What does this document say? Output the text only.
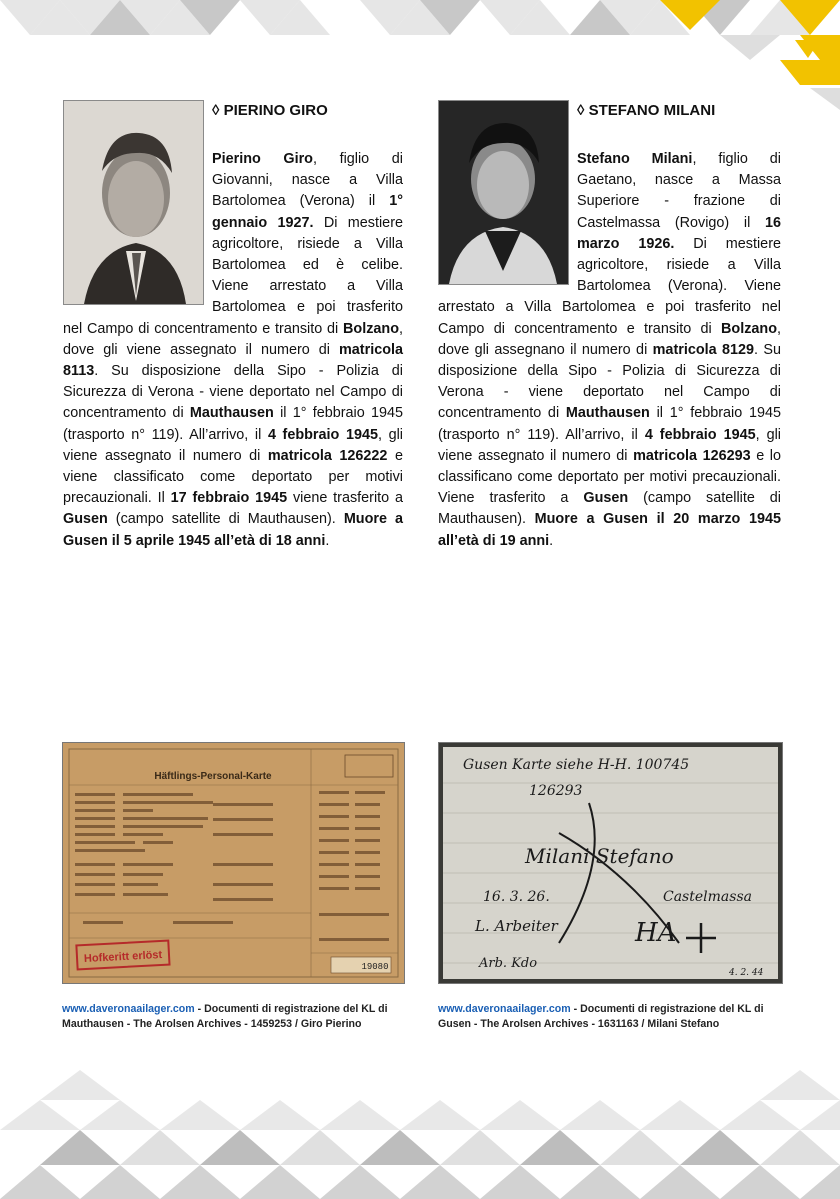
◊ PIERINO GIRO

Pierino Giro, figlio di Giovanni, nasce a Villa Bartolomea (Verona) il 1° gennaio 1927. Di mestiere agricoltore, risiede a Villa Bartolomea ed è celibe. Viene arrestato a Villa Bartolomea e poi trasferito nel Campo di concentramento e transito di Bolzano, dove gli viene assegnato il numero di matricola 8113. Su disposizione della Sipo - Polizia di Sicurezza di Verona - viene deportato nel Campo di concentramento di Mauthausen il 1° febbraio 1945 (trasporto n° 119). All’arrivo, il 4 febbraio 1945, gli viene assegnato il numero di matricola 126222 e viene classificato come deportato per motivi precauzionali. Il 17 febbraio 1945 viene trasferito a Gusen (campo satellite di Mauthausen). Muore a Gusen il 5 aprile 1945 all’età di 18 anni.

◊ STEFANO MILANI

Stefano Milani, figlio di Gaetano, nasce a Massa Superiore - frazione di Castelmassa (Rovigo) il 16 marzo 1926. Di mestiere agricoltore, risiede a Villa Bartolomea (Verona). Viene arrestato a Villa Bartolomea e poi trasferito nel Campo di concentramento e transito di Bolzano, dove gli assegnano il numero di matricola 8129. Su disposizione della Sipo - Polizia di Sicurezza di Verona - viene deportato nel Campo di concentramento di Mauthausen il 1° febbraio 1945 (trasporto n° 119). All’arrivo, il 4 febbraio 1945, gli viene assegnato il numero di matricola 126293 e lo classificano come deportato per motivi precauzionali. Viene trasferito a Gusen (campo satellite di Mauthausen). Muore a Gusen il 20 marzo 1945 all’età di 19 anni.

Häftlings-Personal-Karte
Hofkeritt erlöst
19080
Gusen Karte siehe H-H. 100745
126293
Milani Stefano
16. 3. 26.	Castelmassa
L. Arbeiter
Arb. Kdo
4. 2. 44
HA
www.daveronaailager.com - Documenti di registrazione del KL di Mauthausen - The Arolsen Archives - 1459253 / Giro Pierino
www.daveronaailager.com - Documenti di registrazione del KL di Gusen - The Arolsen Archives - 1631163 / Milani Stefano
